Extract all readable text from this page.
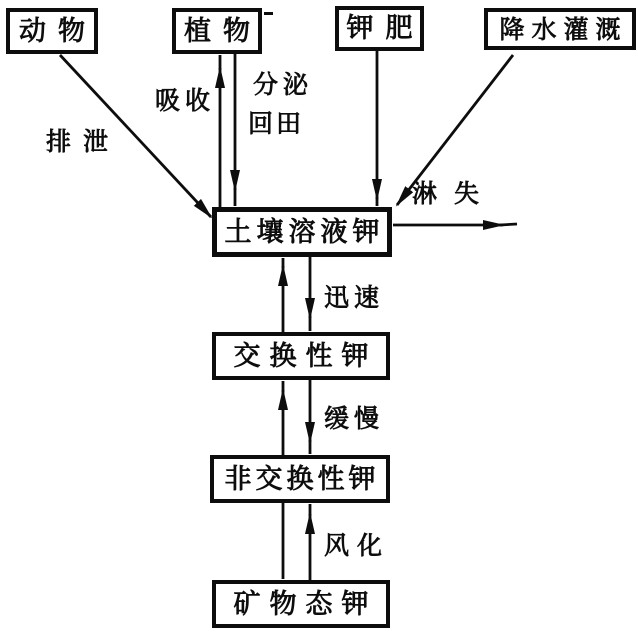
动物	植物	钾肥	降水灌溉
土壤溶液钾
交换性钾
非交换性钾
矿物态钾
排泄
吸收
分泌
回田
淋失
迅速
缓慢
风化
